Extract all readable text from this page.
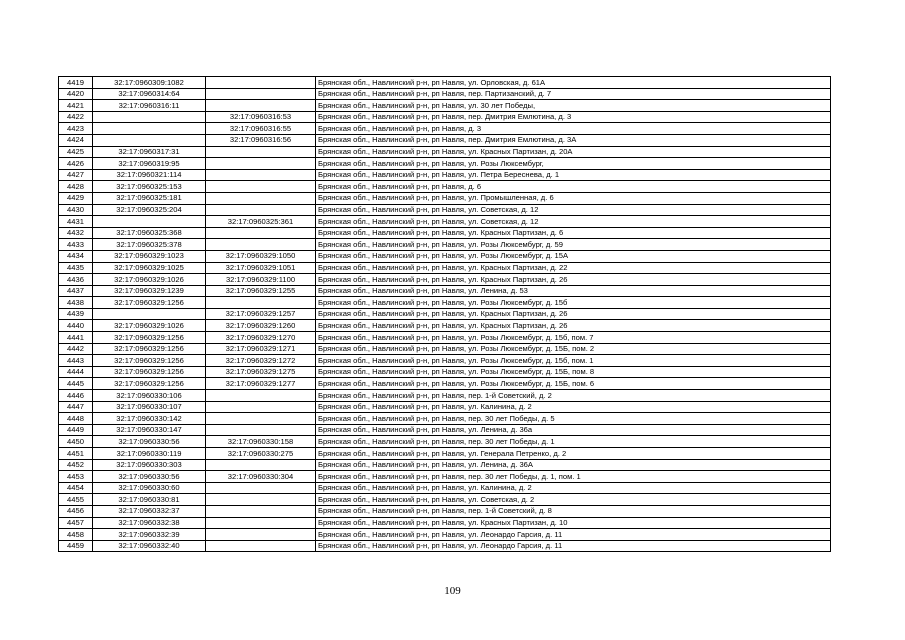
4419	32:17:0960309:1082		Брянская обл., Навлинский р-н, рп Навля, ул. Орловская, д. 61А
4420	32:17:0960314:64		Брянская обл., Навлинский р-н, рп Навля, пер. Партизанский, д. 7
4421	32:17:0960316:11		Брянская обл., Навлинский р-н, рп Навля, ул. 30 лет Победы,
4422		32:17:0960316:53	Брянская обл., Навлинский р-н, рп Навля, пер. Дмитрия Емлютина, д. 3
4423		32:17:0960316:55	Брянская обл., Навлинский р-н, рп Навля, д. 3
4424		32:17:0960316:56	Брянская обл., Навлинский р-н, рп Навля, пер. Дмитрия Емлютина, д. 3А
4425	32:17:0960317:31		Брянская обл., Навлинский р-н, рп Навля, ул. Красных Партизан, д. 20А
4426	32:17:0960319:95		Брянская обл., Навлинский р-н, рп Навля, ул. Розы Люксембург,
4427	32:17:0960321:114		Брянская обл., Навлинский р-н, рп Навля, ул. Петра Береснева, д. 1
4428	32:17:0960325:153		Брянская обл., Навлинский р-н, рп Навля, д. 6
4429	32:17:0960325:181		Брянская обл., Навлинский р-н, рп Навля, ул. Промышленная, д. 6
4430	32:17:0960325:204		Брянская обл., Навлинский р-н, рп Навля, ул. Советская, д. 12
4431		32:17:0960325:361	Брянская обл., Навлинский р-н, рп Навля, ул. Советская, д. 12
4432	32:17:0960325:368		Брянская обл., Навлинский р-н, рп Навля, ул. Красных Партизан, д. 6
4433	32:17:0960325:378		Брянская обл., Навлинский р-н, рп Навля, ул. Розы Люксембург, д. 59
4434	32:17:0960329:1023	32:17:0960329:1050	Брянская обл., Навлинский р-н, рп Навля, ул. Розы Люксембург, д. 15А
4435	32:17:0960329:1025	32:17:0960329:1051	Брянская обл., Навлинский р-н, рп Навля, ул. Красных Партизан, д. 22
4436	32:17:0960329:1026	32:17:0960329:1100	Брянская обл., Навлинский р-н, рп Навля, ул. Красных Партизан, д. 26
4437	32:17:0960329:1239	32:17:0960329:1255	Брянская обл., Навлинский р-н, рп Навля, ул. Ленина, д. 53
4438	32:17:0960329:1256		Брянская обл., Навлинский р-н, рп Навля, ул. Розы Люксембург, д. 15б
4439		32:17:0960329:1257	Брянская обл., Навлинский р-н, рп Навля, ул. Красных Партизан, д. 26
4440	32:17:0960329:1026	32:17:0960329:1260	Брянская обл., Навлинский р-н, рп Навля, ул. Красных Партизан, д. 26
4441	32:17:0960329:1256	32:17:0960329:1270	Брянская обл., Навлинский р-н, рп Навля, ул. Розы Люксембург, д. 15б, пом. 7
4442	32:17:0960329:1256	32:17:0960329:1271	Брянская обл., Навлинский р-н, рп Навля, ул. Розы Люксембург, д. 15Б, пом. 2
4443	32:17:0960329:1256	32:17:0960329:1272	Брянская обл., Навлинский р-н, рп Навля, ул. Розы Люксембург, д. 15б, пом. 1
4444	32:17:0960329:1256	32:17:0960329:1275	Брянская обл., Навлинский р-н, рп Навля, ул. Розы Люксембург, д. 15Б, пом. 8
4445	32:17:0960329:1256	32:17:0960329:1277	Брянская обл., Навлинский р-н, рп Навля, ул. Розы Люксембург, д. 15Б, пом. 6
4446	32:17:0960330:106		Брянская обл., Навлинский р-н, рп Навля, пер. 1-й Советский, д. 2
4447	32:17:0960330:107		Брянская обл., Навлинский р-н, рп Навля, ул. Калинина, д. 2
4448	32:17:0960330:142		Брянская обл., Навлинский р-н, рп Навля, пер. 30 лет Победы, д. 5
4449	32:17:0960330:147		Брянская обл., Навлинский р-н, рп Навля, ул. Ленина, д. 36а
4450	32:17:0960330:56	32:17:0960330:158	Брянская обл., Навлинский р-н, рп Навля, пер. 30 лет Победы, д. 1
4451	32:17:0960330:119	32:17:0960330:275	Брянская обл., Навлинский р-н, рп Навля, ул. Генерала Петренко, д. 2
4452	32:17:0960330:303		Брянская обл., Навлинский р-н, рп Навля, ул. Ленина, д. 36А
4453	32:17:0960330:56	32:17:0960330:304	Брянская обл., Навлинский р-н, рп Навля, пер. 30 лет Победы, д. 1, пом. 1
4454	32:17:0960330:60		Брянская обл., Навлинский р-н, рп Навля, ул. Калинина, д. 2
4455	32:17:0960330:81		Брянская обл., Навлинский р-н, рп Навля, ул. Советская, д. 2
4456	32:17:0960332:37		Брянская обл., Навлинский р-н, рп Навля, пер. 1-й Советский, д. 8
4457	32:17:0960332:38		Брянская обл., Навлинский р-н, рп Навля, ул. Красных Партизан, д. 10
4458	32:17:0960332:39		Брянская обл., Навлинский р-н, рп Навля, ул. Леонардо Гарсия, д. 11
4459	32:17:0960332:40		Брянская обл., Навлинский р-н, рп Навля, ул. Леонардо Гарсия, д. 11
109
